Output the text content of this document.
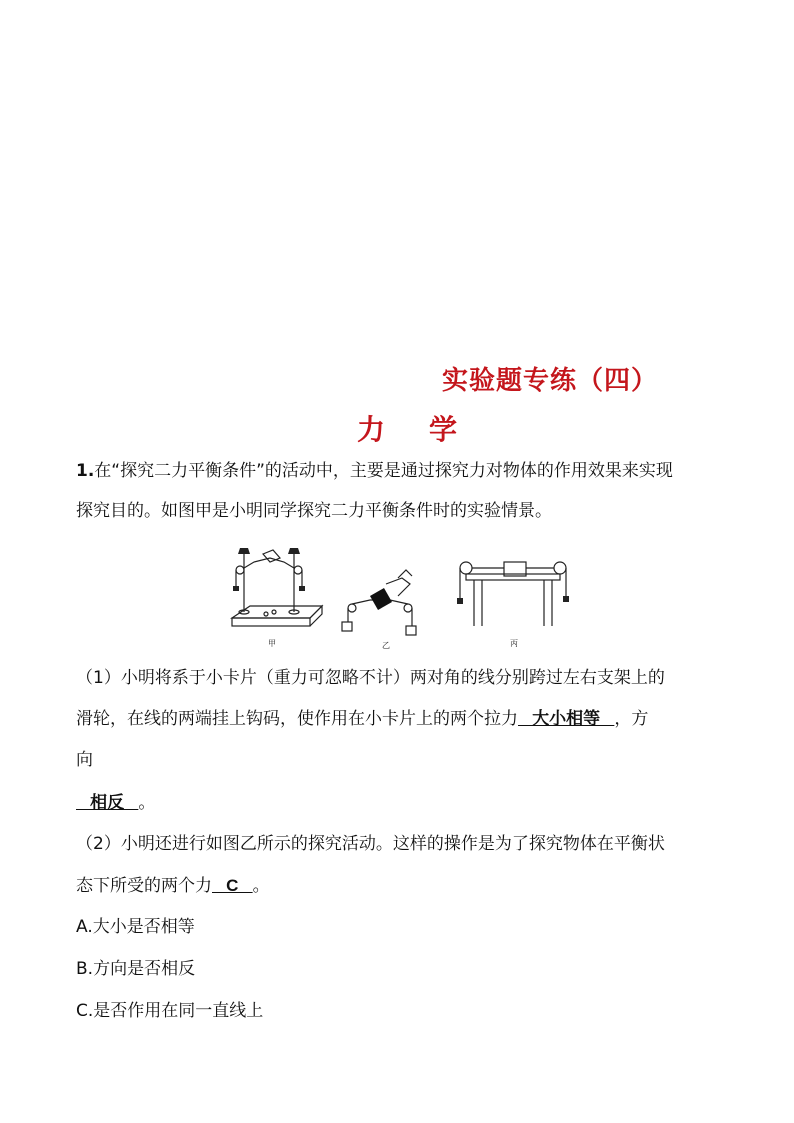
实验题专练（四）
力 学
1.在“探究二力平衡条件”的活动中，主要是通过探究力对物体的作用效果来实现
探究目的。如图甲是小明同学探究二力平衡条件时的实验情景。
甲	乙	丙
（1）小明将系于小卡片（重力可忽略不计）两对角的线分别跨过左右支架上的
滑轮，在线的两端挂上钩码，使作用在小卡片上的两个拉力   大小相等   ，方
向
相反   。
（2）小明还进行如图乙所示的探究活动。这样的操作是为了探究物体在平衡状
态下所受的两个力   C   。
A.大小是否相等
B.方向是否相反
C.是否作用在同一直线上
